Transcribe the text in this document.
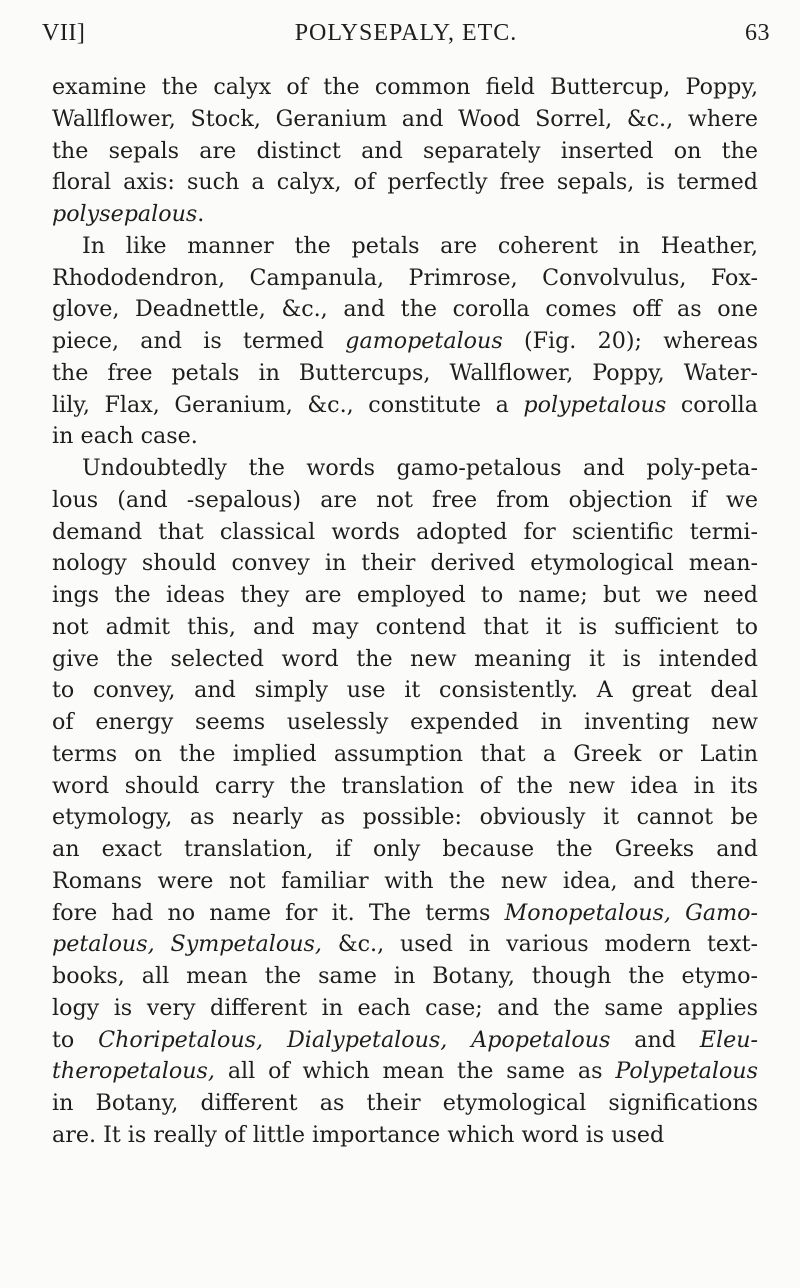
VII]	POLYSEPALY, ETC.	63
examine the calyx of the common field Buttercup, Poppy,
Wallflower, Stock, Geranium and Wood Sorrel, &c., where
the sepals are distinct and separately inserted on the
floral axis: such a calyx, of perfectly free sepals, is termed
polysepalous.
In like manner the petals are coherent in Heather,
Rhododendron, Campanula, Primrose, Convolvulus, Fox-
glove, Deadnettle, &c., and the corolla comes off as one
piece, and is termed gamopetalous (Fig. 20); whereas
the free petals in Buttercups, Wallflower, Poppy, Water-
lily, Flax, Geranium, &c., constitute a polypetalous corolla
in each case.
Undoubtedly the words gamo-petalous and poly-peta-
lous (and -sepalous) are not free from objection if we
demand that classical words adopted for scientific termi-
nology should convey in their derived etymological mean-
ings the ideas they are employed to name; but we need
not admit this, and may contend that it is sufficient to
give the selected word the new meaning it is intended
to convey, and simply use it consistently. A great deal
of energy seems uselessly expended in inventing new
terms on the implied assumption that a Greek or Latin
word should carry the translation of the new idea in its
etymology, as nearly as possible: obviously it cannot be
an exact translation, if only because the Greeks and
Romans were not familiar with the new idea, and there-
fore had no name for it. The terms Monopetalous, Gamo-
petalous, Sympetalous, &c., used in various modern text-
books, all mean the same in Botany, though the etymo-
logy is very different in each case; and the same applies
to Choripetalous, Dialypetalous, Apopetalous and Eleu-
theropetalous, all of which mean the same as Polypetalous
in Botany, different as their etymological significations
are. It is really of little importance which word is used
